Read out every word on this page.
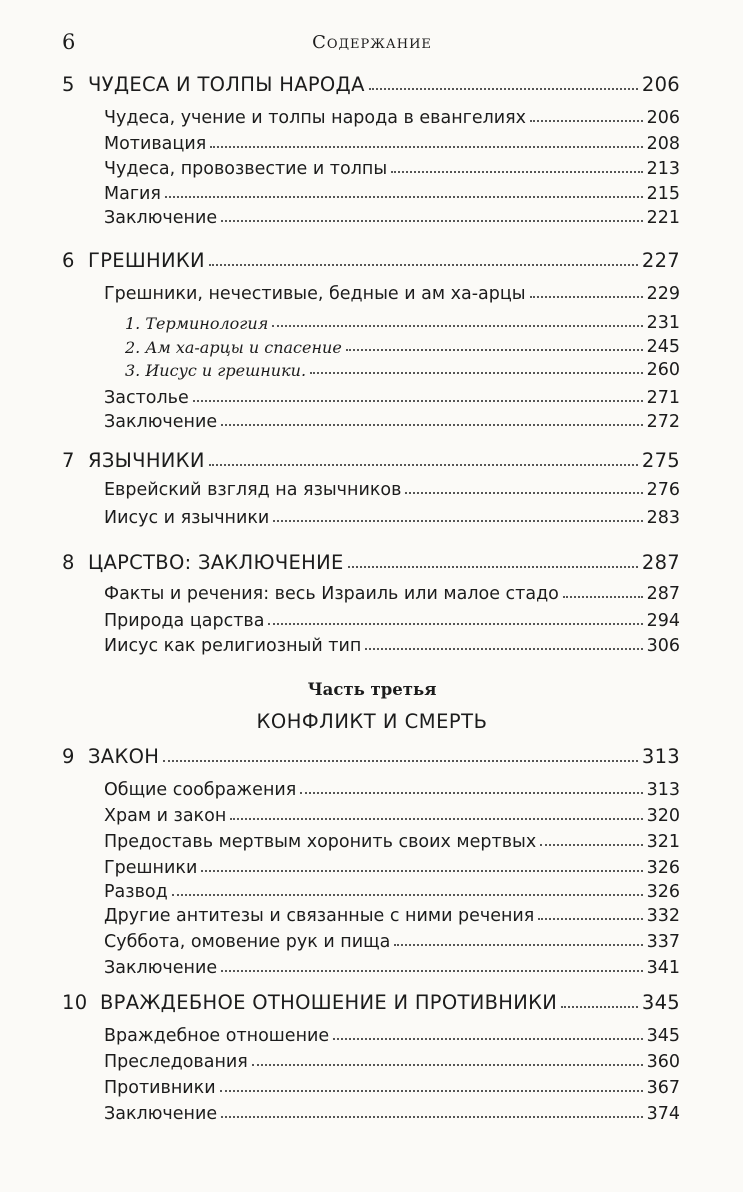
6	Содержание
5 ЧУДЕСА И ТОЛПЫ НАРОДА	206
Чудеса, учение и толпы народа в евангелиях	206
Мотивация	208
Чудеса, провозвестие и толпы	213
Магия	215
Заключение	221
6 ГРЕШНИКИ	227
Грешники, нечестивые, бедные и ам ха-арцы	229
1. Терминология	231
2. Ам ха-арцы и спасение	245
3. Иисус и грешники.	260
Застолье	271
Заключение	272
7 ЯЗЫЧНИКИ	275
Еврейский взгляд на язычников	276
Иисус и язычники	283
8 ЦАРСТВО: ЗАКЛЮЧЕНИЕ	287
Факты и речения: весь Израиль или малое стадо	287
Природа царства	294
Иисус как религиозный тип	306
9 ЗАКОН	313
Общие соображения	313
Храм и закон	320
Предоставь мертвым хоронить своих мертвых	321
Грешники	326
Развод	326
Другие антитезы и связанные с ними речения	332
Суббота, омовение рук и пища	337
Заключение	341
10 ВРАЖДЕБНОЕ ОТНОШЕНИЕ И ПРОТИВНИКИ	345
Враждебное отношение	345
Преследования	360
Противники	367
Заключение	374
Часть третья
КОНФЛИКТ И СМЕРТЬ
